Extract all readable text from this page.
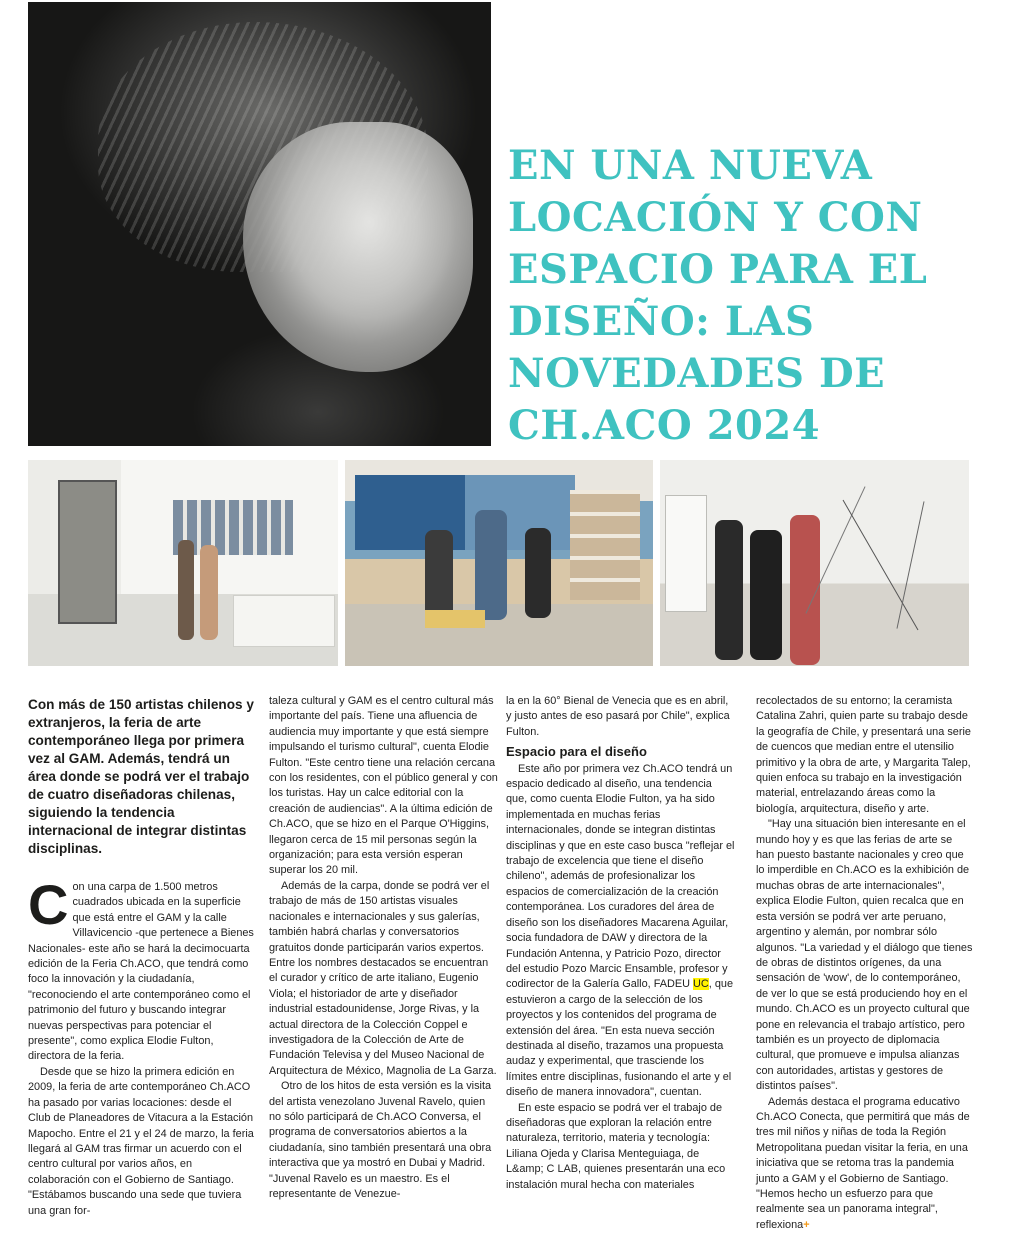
EN UNA NUEVA LOCACIÓN Y CON ESPACIO PARA EL DISEÑO: LAS NOVEDADES DE CH.ACO 2024

Con más de 150 artistas chilenos y extranjeros, la feria de arte contemporáneo llega por primera vez al GAM. Además, tendrá un área donde se podrá ver el trabajo de cuatro diseñadoras chilenas, siguiendo la tendencia internacional de integrar distintas disciplinas.

Con una carpa de 1.500 metros cuadrados ubicada en la superficie que está entre el GAM y la calle Villavicencio -que pertenece a Bienes Nacionales- este año se hará la decimocuarta edición de la Feria Ch.ACO, que tendrá como foco la innovación y la ciudadanía, "reconociendo el arte contemporáneo como el patrimonio del futuro y buscando integrar nuevas perspectivas para potenciar el presente", como explica Elodie Fulton, directora de la feria.

Desde que se hizo la primera edición en 2009, la feria de arte contemporáneo Ch.ACO ha pasado por varias locaciones: desde el Club de Planeadores de Vitacura a la Estación Mapocho. Entre el 21 y el 24 de marzo, la feria llegará al GAM tras firmar un acuerdo con el centro cultural por varios años, en colaboración con el Gobierno de Santiago. "Estábamos buscando una sede que tuviera una gran for-

taleza cultural y GAM es el centro cultural más importante del país. Tiene una afluencia de audiencia muy importante y que está siempre impulsando el turismo cultural", cuenta Elodie Fulton. "Este centro tiene una relación cercana con los residentes, con el público general y con los turistas. Hay un calce editorial con la creación de audiencias". A la última edición de Ch.ACO, que se hizo en el Parque O'Higgins, llegaron cerca de 15 mil personas según la organización; para esta versión esperan superar los 20 mil.

Además de la carpa, donde se podrá ver el trabajo de más de 150 artistas visuales nacionales e internacionales y sus galerías, también habrá charlas y conversatorios gratuitos donde participarán varios expertos. Entre los nombres destacados se encuentran el curador y crítico de arte italiano, Eugenio Viola; el historiador de arte y diseñador industrial estadounidense, Jorge Rivas, y la actual directora de la Colección Coppel e investigadora de la Colección de Arte de Fundación Televisa y del Museo Nacional de Arquitectura de México, Magnolia de La Garza.

Otro de los hitos de esta versión es la visita del artista venezolano Juvenal Ravelo, quien no sólo participará de Ch.ACO Conversa, el programa de conversatorios abiertos a la ciudadanía, sino también presentará una obra interactiva que ya mostró en Dubai y Madrid. "Juvenal Ravelo es un maestro. Es el representante de Venezue-

la en la 60° Bienal de Venecia que es en abril, y justo antes de eso pasará por Chile", explica Fulton.

Espacio para el diseño

Este año por primera vez Ch.ACO tendrá un espacio dedicado al diseño, una tendencia que, como cuenta Elodie Fulton, ya ha sido implementada en muchas ferias internacionales, donde se integran distintas disciplinas y que en este caso busca "reflejar el trabajo de excelencia que tiene el diseño chileno", además de profesionalizar los espacios de comercialización de la creación contemporánea. Los curadores del área de diseño son los diseñadores Macarena Aguilar, socia fundadora de DAW y directora de la Fundación Antenna, y Patricio Pozo, director del estudio Pozo Marcic Ensamble, profesor y codirector de la Galería Gallo, FADEU UC, que estuvieron a cargo de la selección de los proyectos y los contenidos del programa de extensión del área. "En esta nueva sección destinada al diseño, trazamos una propuesta audaz y experimental, que trasciende los límites entre disciplinas, fusionando el arte y el diseño de manera innovadora", cuentan.

En este espacio se podrá ver el trabajo de diseñadoras que exploran la relación entre naturaleza, territorio, materia y tecnología: Liliana Ojeda y Clarisa Menteguiaga, de L&amp; C LAB, quienes presentarán una eco instalación mural hecha con materiales

recolectados de su entorno; la ceramista Catalina Zahri, quien parte su trabajo desde la geografía de Chile, y presentará una serie de cuencos que median entre el utensilio primitivo y la obra de arte, y Margarita Talep, quien enfoca su trabajo en la investigación material, entrelazando áreas como la biología, arquitectura, diseño y arte.

"Hay una situación bien interesante en el mundo hoy y es que las ferias de arte se han puesto bastante nacionales y creo que lo imperdible en Ch.ACO es la exhibición de muchas obras de arte internacionales", explica Elodie Fulton, quien recalca que en esta versión se podrá ver arte peruano, argentino y alemán, por nombrar sólo algunos. "La variedad y el diálogo que tienes de obras de distintos orígenes, da una sensación de 'wow', de lo contemporáneo, de ver lo que se está produciendo hoy en el mundo. Ch.ACO es un proyecto cultural que pone en relevancia el trabajo artístico, pero también es un proyecto de diplomacia cultural, que promueve e impulsa alianzas con autoridades, artistas y gestores de distintos países".

Además destaca el programa educativo Ch.ACO Conecta, que permitirá que más de tres mil niños y niñas de toda la Región Metropolitana puedan visitar la feria, en una iniciativa que se retoma tras la pandemia junto a GAM y el Gobierno de Santiago. "Hemos hecho un esfuerzo para que realmente sea un panorama integral", reflexiona+
